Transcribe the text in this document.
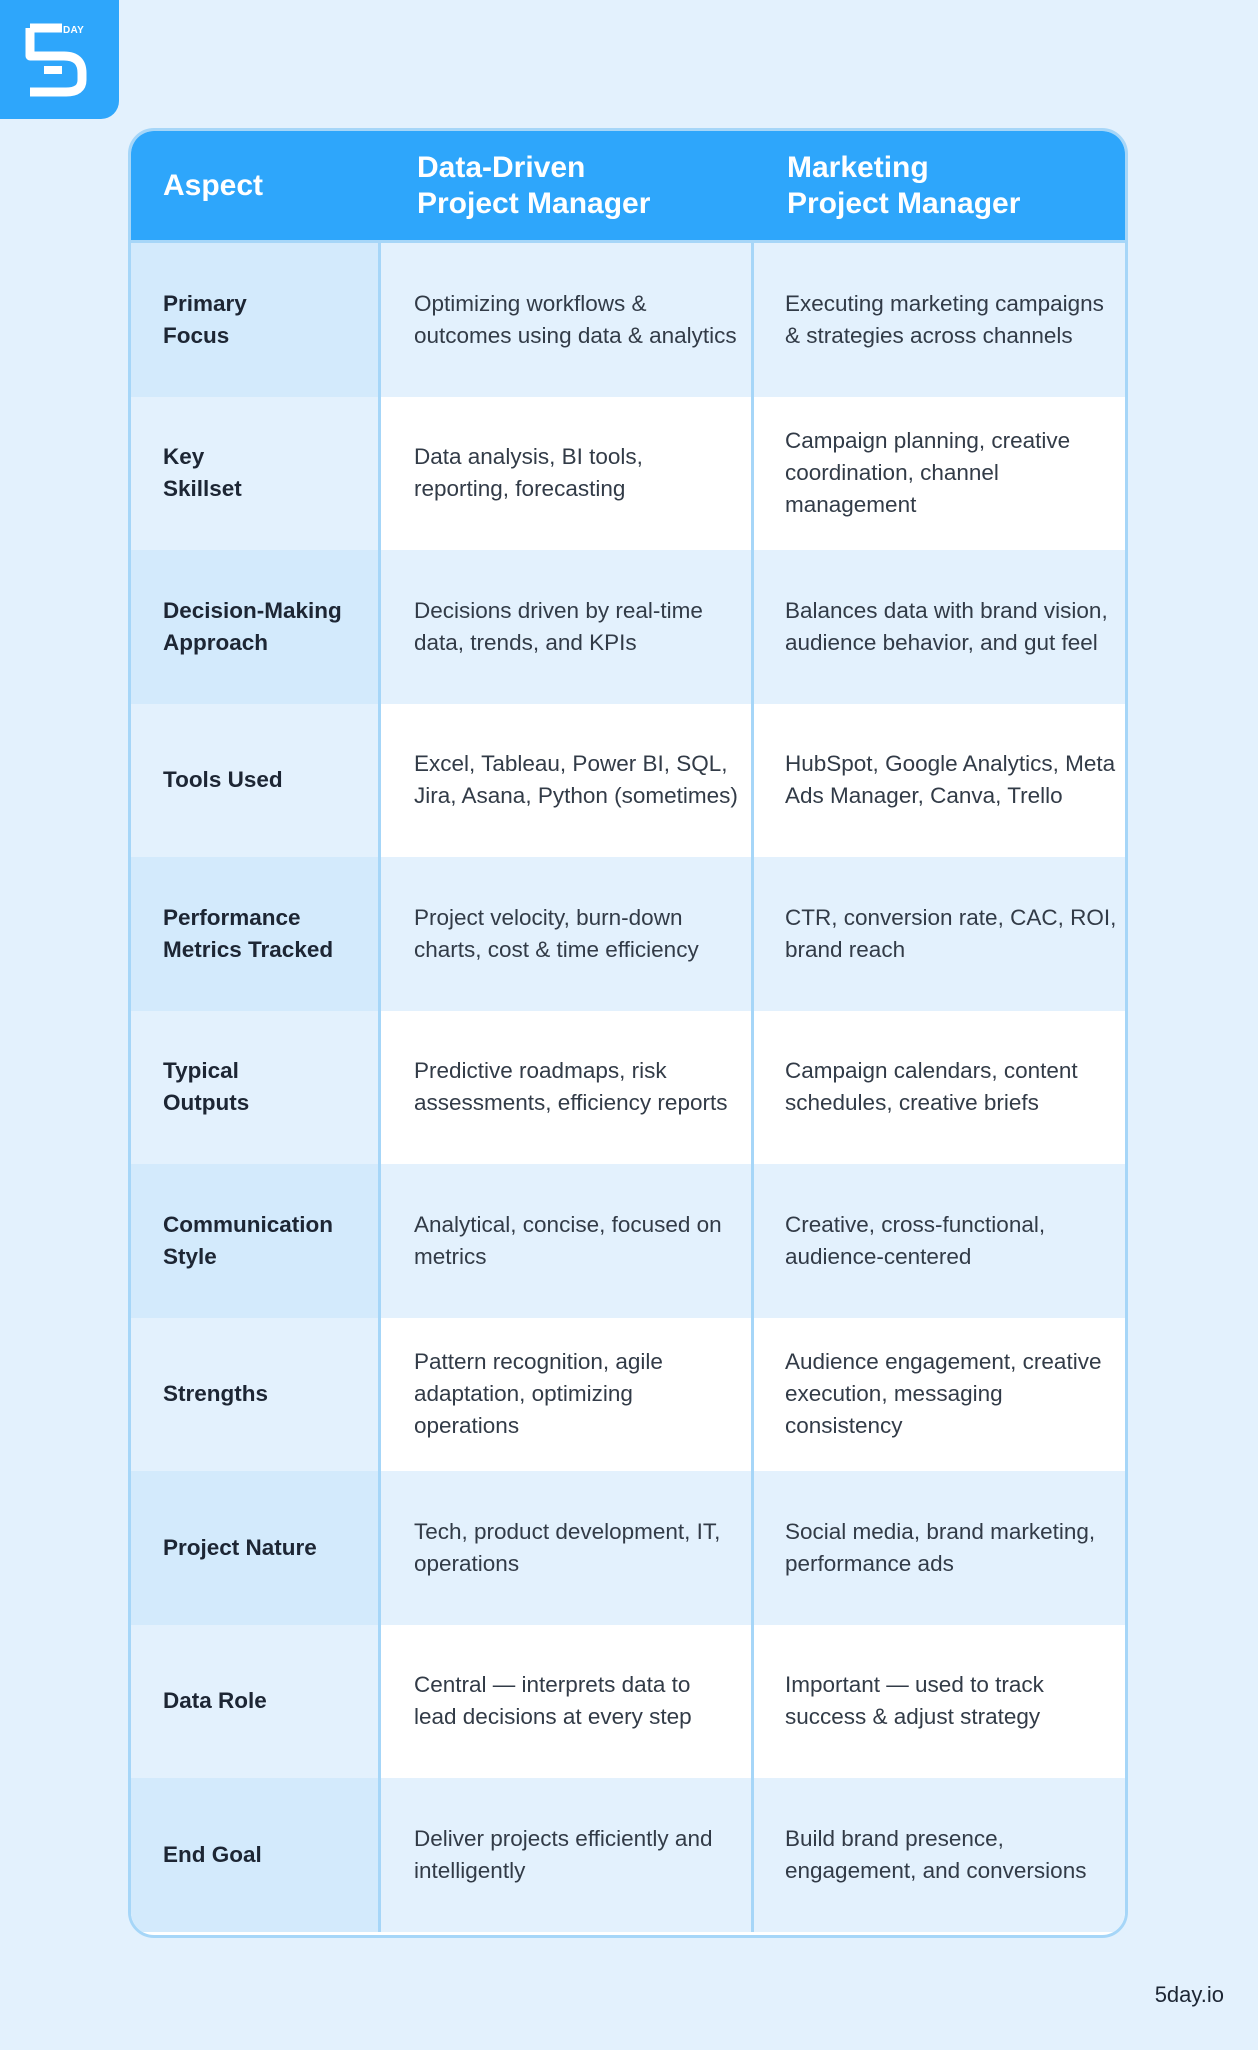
DAY
Aspect
Data-Driven
Project Manager
Marketing
Project Manager
Primary
Focus
Optimizing workflows & outcomes using data & analytics
Executing marketing campaigns & strategies across channels
Key
Skillset
Data analysis, BI tools, reporting, forecasting
Campaign planning, creative coordination, channel management
Decision-Making
Approach
Decisions driven by real-time data, trends, and KPIs
Balances data with brand vision, audience behavior, and gut feel
Tools Used
Excel, Tableau, Power BI, SQL, Jira, Asana, Python (sometimes)
HubSpot, Google Analytics, Meta Ads Manager, Canva, Trello
Performance
Metrics Tracked
Project velocity, burn-down charts, cost & time efficiency
CTR, conversion rate, CAC, ROI, brand reach
Typical
Outputs
Predictive roadmaps, risk assessments, efficiency reports
Campaign calendars, content schedules, creative briefs
Communication
Style
Analytical, concise, focused on metrics
Creative, cross-functional, audience-centered
Strengths
Pattern recognition, agile adaptation, optimizing operations
Audience engagement, creative execution, messaging consistency
Project Nature
Tech, product development, IT, operations
Social media, brand marketing, performance ads
Data Role
Central — interprets data to lead decisions at every step
Important — used to track success & adjust strategy
End Goal
Deliver projects efficiently and intelligently
Build brand presence, engagement, and conversions
5day.io
